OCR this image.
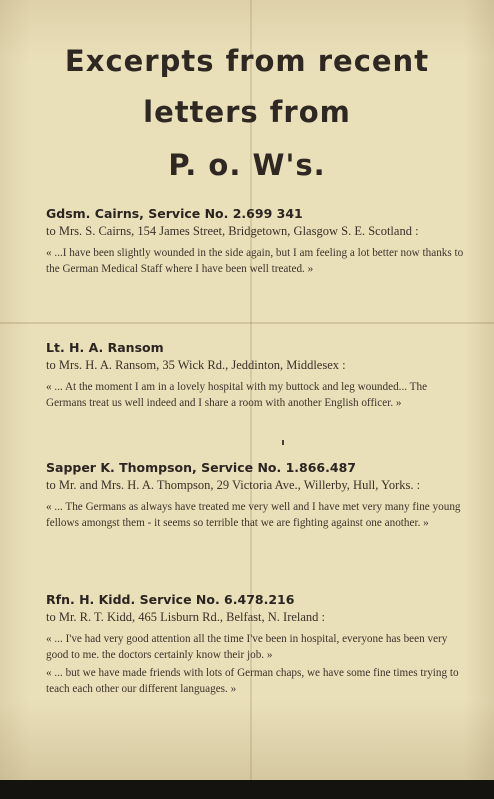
Excerpts from recent
letters from
P. o. W's.

Gdsm. Cairns, Service No. 2.699 341

to Mrs. S. Cairns, 154 James Street, Bridgetown, Glasgow S. E. Scotland :

« ...I have been slightly wounded in the side again, but I am feeling a lot better now thanks to the German Medical Staff where I have been well treated. »

Lt. H. A. Ransom

to Mrs. H. A. Ransom, 35 Wick Rd., Jeddinton, Middlesex :

« ... At the moment I am in a lovely hospital with my buttock and leg wounded... The Germans treat us well indeed and I share a room with another English officer. »

Sapper K. Thompson, Service No. 1.866.487

to Mr. and Mrs. H. A. Thompson, 29 Victoria Ave., Willerby, Hull, Yorks. :

« ... The Germans as always have treated me very well and I have met very many fine young fellows amongst them - it seems so terrible that we are fighting against one another. »

Rfn. H. Kidd. Service No. 6.478.216

to Mr. R. T. Kidd, 465 Lisburn Rd., Belfast, N. Ireland :

« ... I've had very good attention all the time I've been in hospital, everyone has been very good to me. the doctors certainly know their job. »

« ... but we have made friends with lots of German chaps, we have some fine times trying to teach each other our different languages. »
